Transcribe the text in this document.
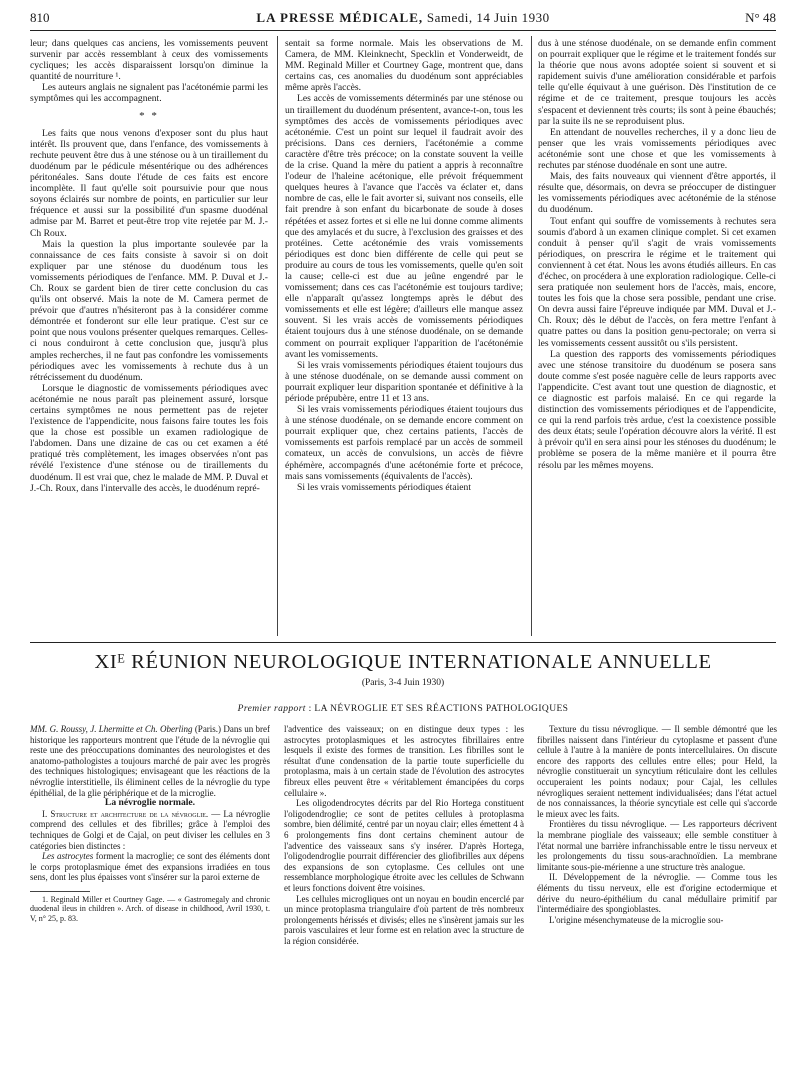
810	LA PRESSE MÉDICALE, Samedi, 14 Juin 1930	N° 48

leur; dans quelques cas anciens, les vomissements peuvent survenir par accès ressemblant à ceux des vomissements cycliques; les accès disparaissent lorsqu'on diminue la quantité de nourriture ¹.

Les auteurs anglais ne signalent pas l'acétonémie parmi les symptômes qui les accompagnent.

* *

Les faits que nous venons d'exposer sont du plus haut intérêt. Ils prouvent que, dans l'enfance, des vomissements à rechute peuvent être dus à une sténose ou à un tiraillement du duodénum par le pédicule mésentérique ou des adhérences péritonéales. Sans doute l'étude de ces faits est encore incomplète. Il faut qu'elle soit poursuivie pour que nous soyons éclairés sur nombre de points, en particulier sur leur fréquence et aussi sur la possibilité d'un spasme duodénal admise par M. Barret et peut-être trop vite rejetée par M. J.-Ch Roux.

Mais la question la plus importante soulevée par la connaissance de ces faits consiste à savoir si on doit expliquer par une sténose du duodénum tous les vomissements périodiques de l'enfance. MM. P. Duval et J.-Ch. Roux se gardent bien de tirer cette conclusion du cas qu'ils ont observé. Mais la note de M. Camera permet de prévoir que d'autres n'hésiteront pas à la considérer comme démontrée et fonderont sur elle leur pratique. C'est sur ce point que nous voulons présenter quelques remarques. Celles-ci nous conduiront à cette conclusion que, jusqu'à plus amples recherches, il ne faut pas confondre les vomissements périodiques avec les vomissements à rechute dus à un rétrécissement du duodénum.

Lorsque le diagnostic de vomissements périodiques avec acétonémie ne nous paraît pas pleinement assuré, lorsque certains symptômes ne nous permettent pas de rejeter l'existence de l'appendicite, nous faisons faire toutes les fois que la chose est possible un examen radiologique de l'abdomen. Dans une dizaine de cas ou cet examen a été pratiqué très complètement, les images observées n'ont pas révélé l'existence d'une sténose ou de tiraillements du duodénum. Il est vrai que, chez le malade de MM. P. Duval et J.-Ch. Roux, dans l'intervalle des accès, le duodénum repré-

sentait sa forme normale. Mais les observations de M. Camera, de MM. Kleinknecht, Specklin et Vonderweidt, de MM. Reginald Miller et Courtney Gage, montrent que, dans certains cas, ces anomalies du duodénum sont appréciables même après l'accès.

Les accès de vomissements déterminés par une sténose ou un tiraillement du duodénum présentent, avance-t-on, tous les symptômes des accès de vomissements périodiques avec acétonémie. C'est un point sur lequel il faudrait avoir des précisions. Dans ces derniers, l'acétonémie a comme caractère d'être très précoce; on la constate souvent la veille de la crise. Quand la mère du patient a appris à reconnaître l'odeur de l'haleine acétonique, elle prévoit fréquemment quelques heures à l'avance que l'accès va éclater et, dans nombre de cas, elle le fait avorter si, suivant nos conseils, elle fait prendre à son enfant du bicarbonate de soude à doses répétées et assez fortes et si elle ne lui donne comme aliments que des amylacés et du sucre, à l'exclusion des graisses et des protéines. Cette acétonémie des vrais vomissements périodiques est donc bien différente de celle qui peut se produire au cours de tous les vomissements, quelle qu'en soit la cause; celle-ci est due au jeûne engendré par le vomissement; dans ces cas l'acétonémie est toujours tardive; elle n'apparaît qu'assez longtemps après le début des vomissements et elle est légère; d'ailleurs elle manque assez souvent. Si les vrais accès de vomissements périodiques étaient toujours dus à une sténose duodénale, on se demande comment on pourrait expliquer l'apparition de l'acétonémie avant les vomissements.

Si les vrais vomissements périodiques étaient toujours dus à une sténose duodénale, on se demande aussi comment on pourrait expliquer leur disparition spontanée et définitive à la période prépubère, entre 11 et 13 ans.

Si les vrais vomissements périodiques étaient toujours dus à une sténose duodénale, on se demande encore comment on pourrait expliquer que, chez certains patients, l'accès de vomissements est parfois remplacé par un accès de sommeil comateux, un accès de convulsions, un accès de fièvre éphémère, accompagnés d'une acétonémie forte et précoce, mais sans vomissements (équivalents de l'accès).

Si les vrais vomissements périodiques étaient

dus à une sténose duodénale, on se demande enfin comment on pourrait expliquer que le régime et le traitement fondés sur la théorie que nous avons adoptée soient si souvent et si rapidement suivis d'une amélioration considérable et parfois telle qu'elle équivaut à une guérison. Dès l'institution de ce régime et de ce traitement, presque toujours les accès s'espacent et deviennent très courts; ils sont à peine ébauchés; par la suite ils ne se reproduisent plus.

En attendant de nouvelles recherches, il y a donc lieu de penser que les vrais vomissements périodiques avec acétonémie sont une chose et que les vomissements à rechutes par sténose duodénale en sont une autre.

Mais, des faits nouveaux qui viennent d'être apportés, il résulte que, désormais, on devra se préoccuper de distinguer les vomissements périodiques avec acétonémie de la sténose du duodénum.

Tout enfant qui souffre de vomissements à rechutes sera soumis d'abord à un examen clinique complet. Si cet examen conduit à penser qu'il s'agit de vrais vomissements périodiques, on prescrira le régime et le traitement qui conviennent à cet état. Nous les avons étudiés ailleurs. En cas d'échec, on procédera à une exploration radiologique. Celle-ci sera pratiquée non seulement hors de l'accès, mais, encore, toutes les fois que la chose sera possible, pendant une crise. On devra aussi faire l'épreuve indiquée par MM. Duval et J.-Ch. Roux; dès le début de l'accès, on fera mettre l'enfant à quatre pattes ou dans la position genu-pectorale; on verra si les vomissements cessent aussitôt ou s'ils persistent.

La question des rapports des vomissements périodiques avec une sténose transitoire du duodénum se posera sans doute comme s'est posée naguère celle de leurs rapports avec l'appendicite. C'est avant tout une question de diagnostic, et ce diagnostic est parfois malaisé. En ce qui regarde la distinction des vomissements périodiques et de l'appendicite, ce qui la rend parfois très ardue, c'est la coexistence possible des deux états; seule l'opération découvre alors la vérité. Il est à prévoir qu'il en sera ainsi pour les sténoses du duodénum; le problème se posera de la même manière et il pourra être résolu par les mêmes moyens.

XIᴱ RÉUNION NEUROLOGIQUE INTERNATIONALE ANNUELLE
(Paris, 3-4 Juin 1930)
Premier rapport : LA NÉVROGLIE ET SES RÉACTIONS PATHOLOGIQUES

MM. G. Roussy, J. Lhermitte et Ch. Oberling (Paris.) Dans un bref historique les rapporteurs montrent que l'étude de la névroglie qui reste une des préoccupations dominantes des neurologistes et des anatomo-pathologistes a toujours marché de pair avec les progrès des techniques histologiques; envisageant que les réactions de la névroglie interstitielle, ils éliminent celles de la névroglie du type épithélial, de la glie périphérique et de la microglie.

La névroglie normale.

I. Structure et architecture de la névroglie. — La névroglie comprend des cellules et des fibrilles; grâce à l'emploi des techniques de Golgi et de Cajal, on peut diviser les cellules en 3 catégories bien distinctes :

Les astrocytes forment la macroglie; ce sont des éléments dont le corps protoplasmique émet des expansions irradiées en tous sens, dont les plus épaisses vont s'insérer sur la paroi externe de

1. Reginald Miller et Courtney Gage. — « Gastromegaly and chronic duodenal ileus in children ». Arch. of disease in childhood, Avril 1930, t. V, n° 25, p. 83.

l'adventice des vaisseaux; on en distingue deux types : les astrocytes protoplasmiques et les astrocytes fibrillaires entre lesquels il existe des formes de transition. Les fibrilles sont le résultat d'une condensation de la partie toute superficielle du protoplasma, mais à un certain stade de l'évolution des astrocytes fibreux elles peuvent être « véritablement émancipées du corps cellulaire ».

Les oligodendrocytes décrits par del Rio Hortega constituent l'oligodendroglie; ce sont de petites cellules à protoplasma sombre, bien délimité, centré par un noyau clair; elles émettent 4 à 6 prolongements fins dont certains cheminent autour de l'adventice des vaisseaux sans s'y insérer. D'après Hortega, l'oligodendroglie pourrait différencier des gliofibrilles aux dépens des expansions de son cytoplasme. Ces cellules ont une ressemblance morphologique étroite avec les cellules de Schwann et leurs fonctions doivent être voisines.

Les cellules microgliques ont un noyau en boudin encerclé par un mince protoplasma triangulaire d'où partent de très nombreux prolongements hérissés et divisés; elles ne s'insèrent jamais sur les parois vasculaires et leur forme est en relation avec la structure de la région considérée.

Texture du tissu névroglique. — Il semble démontré que les fibrilles naissent dans l'intérieur du cytoplasme et passent d'une cellule à l'autre à la manière de ponts intercellulaires. On discute encore des rapports des cellules entre elles; pour Held, la névroglie constituerait un syncytium réticulaire dont les cellules occuperaient les points nodaux; pour Cajal, les cellules névrogliques seraient nettement individualisées; dans l'état actuel de nos connaissances, la théorie syncytiale est celle qui s'accorde le mieux avec les faits.

Frontières du tissu névroglique. — Les rapporteurs décrivent la membrane piogliale des vaisseaux; elle semble constituer à l'état normal une barrière infranchissable entre le tissu nerveux et les prolongements du tissu sous-arachnoïdien. La membrane limitante sous-pie-mérienne a une structure très analogue.

II. Développement de la névroglie. — Comme tous les éléments du tissu nerveux, elle est d'origine ectodermique et dérive du neuro-épithélium du canal médullaire primitif par l'intermédiaire des spongioblastes.

L'origine mésenchymateuse de la microglie sou-
